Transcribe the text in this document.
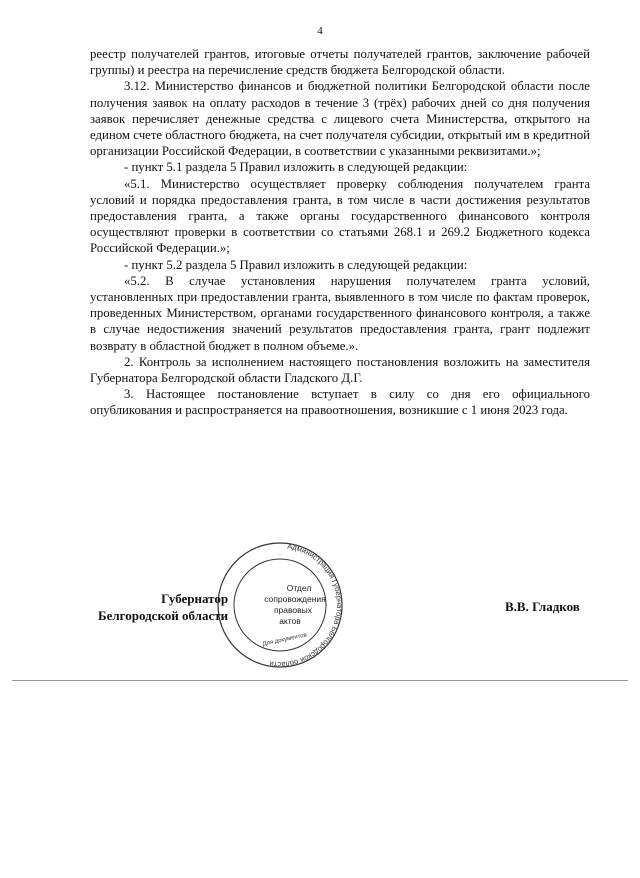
4

реестр получателей грантов, итоговые отчеты получателей грантов, заключение рабочей группы) и реестра на перечисление средств бюджета Белгородской области.

3.12. Министерство финансов и бюджетной политики Белгородской области после получения заявок на оплату расходов в течение 3 (трёх) рабочих дней со дня получения заявок перечисляет денежные средства с лицевого счета Министерства, открытого на едином счете областного бюджета, на счет получателя субсидии, открытый им в кредитной организации Российской Федерации, в соответствии с указанными реквизитами.»;

- пункт 5.1 раздела 5 Правил изложить в следующей редакции:

«5.1. Министерство осуществляет проверку соблюдения получателем гранта условий и порядка предоставления гранта, в том числе в части достижения результатов предоставления гранта, а также органы государственного финансового контроля осуществляют проверки в соответствии со статьями 268.1 и 269.2 Бюджетного кодекса Российской Федерации.»;

- пункт 5.2 раздела 5 Правил изложить в следующей редакции:

«5.2. В случае установления нарушения получателем гранта условий, установленных при предоставлении гранта, выявленного в том числе по фактам проверок, проведенных Министерством, органами государственного финансового контроля, а также в случае недостижения значений результатов предоставления гранта, грант подлежит возврату в областной бюджет в полном объеме.».

2. Контроль за исполнением настоящего постановления возложить на заместителя Губернатора Белгородской области Гладского Д.Г.

3. Настоящее постановление вступает в силу со дня его официального опубликования и распространяется на правоотношения, возникшие с 1 июня 2023 года.

Администрация Губернатора Белгородской области
Отдел
сопровождения
правовых
актов
Для документов
Губернатор
Белгородской области
В.В. Гладков
